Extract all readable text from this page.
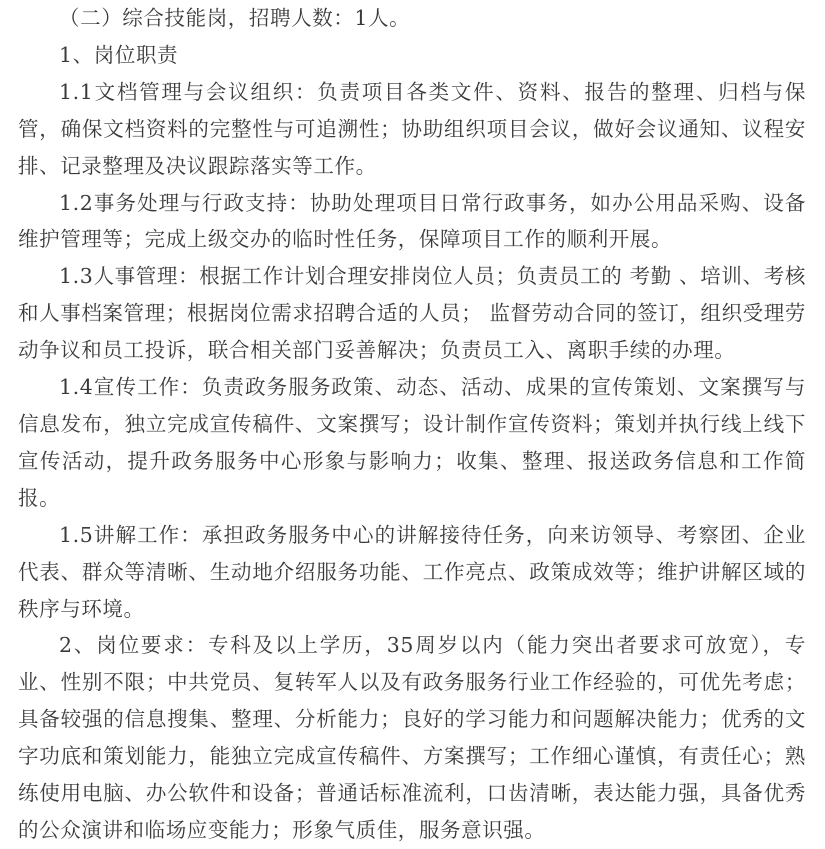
（二）综合技能岗，招聘人数：1人。

1、岗位职责

1.1文档管理与会议组织：负责项目各类文件、资料、报告的整理、归档与保管，确保文档资料的完整性与可追溯性；协助组织项目会议，做好会议通知、议程安排、记录整理及决议跟踪落实等工作。

1.2事务处理与行政支持：协助处理项目日常行政事务，如办公用品采购、设备维护管理等；完成上级交办的临时性任务，保障项目工作的顺利开展。

1.3人事管理：根据工作计划合理安排岗位人员；负责员工的 考勤 、培训、考核和人事档案管理；根据岗位需求招聘合适的人员； 监督劳动合同的签订，组织受理劳动争议和员工投诉，联合相关部门妥善解决；负责员工入、离职手续的办理。

1.4宣传工作：负责政务服务政策、动态、活动、成果的宣传策划、文案撰写与信息发布，独立完成宣传稿件、文案撰写；设计制作宣传资料；策划并执行线上线下宣传活动，提升政务服务中心形象与影响力；收集、整理、报送政务信息和工作简报。

1.5讲解工作：承担政务服务中心的讲解接待任务，向来访领导、考察团、企业代表、群众等清晰、生动地介绍服务功能、工作亮点、政策成效等；维护讲解区域的秩序与环境。

2、岗位要求：专科及以上学历，35周岁以内（能力突出者要求可放宽），专业、性别不限；中共党员、复转军人以及有政务服务行业工作经验的，可优先考虑；具备较强的信息搜集、整理、分析能力；良好的学习能力和问题解决能力；优秀的文字功底和策划能力，能独立完成宣传稿件、方案撰写；工作细心谨慎，有责任心；熟练使用电脑、办公软件和设备；普通话标准流利，口齿清晰，表达能力强，具备优秀的公众演讲和临场应变能力；形象气质佳，服务意识强。
